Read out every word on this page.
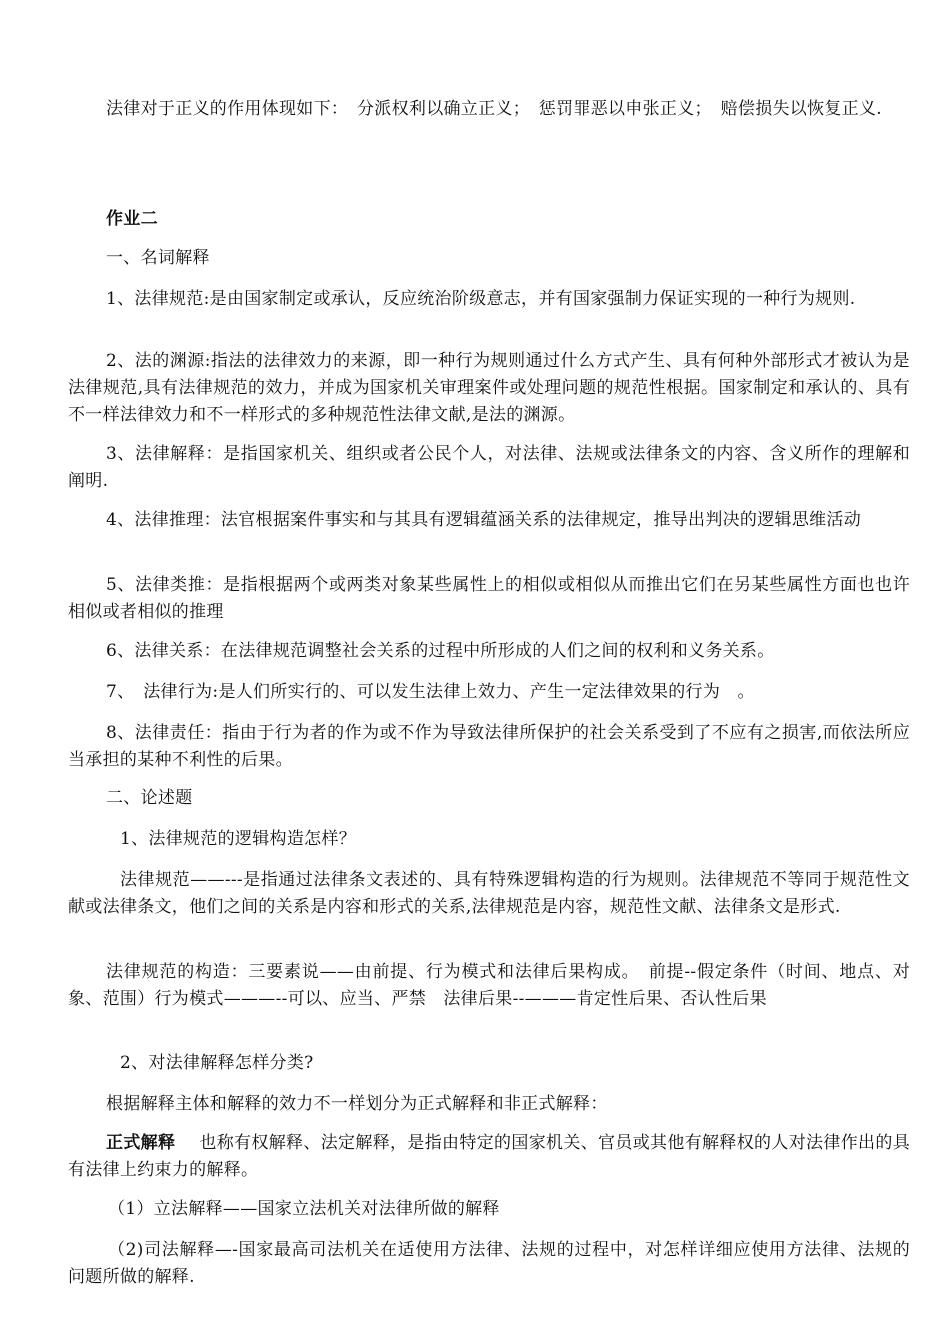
法律对于正义的作用体现如下：　分派权利以确立正义；　惩罚罪恶以申张正义；　赔偿损失以恢复正义.

作业二

一、名词解释

1、法律规范:是由国家制定或承认，反应统治阶级意志，并有国家强制力保证实现的一种行为规则.

2、法的渊源:指法的法律效力的来源，即一种行为规则通过什么方式产生、具有何种外部形式才被认为是法律规范,具有法律规范的效力，并成为国家机关审理案件或处理问题的规范性根据。国家制定和承认的、具有不一样法律效力和不一样形式的多种规范性法律文献,是法的渊源。

3、法律解释：是指国家机关、组织或者公民个人，对法律、法规或法律条文的内容、含义所作的理解和阐明.

4、法律推理：法官根据案件事实和与其具有逻辑蕴涵关系的法律规定，推导出判决的逻辑思维活动

5、法律类推：是指根据两个或两类对象某些属性上的相似或相似从而推出它们在另某些属性方面也也许相似或者相似的推理

6、法律关系：在法律规范调整社会关系的过程中所形成的人们之间的权利和义务关系。

7、　法律行为:是人们所实行的、可以发生法律上效力、产生一定法律效果的行为　。

8、法律责任：指由于行为者的作为或不作为导致法律所保护的社会关系受到了不应有之损害,而依法所应当承担的某种不利性的后果。

二、论述题

1、法律规范的逻辑构造怎样？

法律规范——---是指通过法律条文表述的、具有特殊逻辑构造的行为规则。法律规范不等同于规范性文献或法律条文，他们之间的关系是内容和形式的关系,法律规范是内容，规范性文献、法律条文是形式.

法律规范的构造：三要素说——由前提、行为模式和法律后果构成。　前提--假定条件（时间、地点、对象、范围）行为模式———--可以、应当、严禁　法律后果--———肯定性后果、否认性后果

2、对法律解释怎样分类?

根据解释主体和解释的效力不一样划分为正式解释和非正式解释：

正式解释 也称有权解释、法定解释，是指由特定的国家机关、官员或其他有解释权的人对法律作出的具有法律上约束力的解释。

（1）立法解释——国家立法机关对法律所做的解释

（2)司法解释—-国家最高司法机关在适使用方法律、法规的过程中，对怎样详细应使用方法律、法规的问题所做的解释.
